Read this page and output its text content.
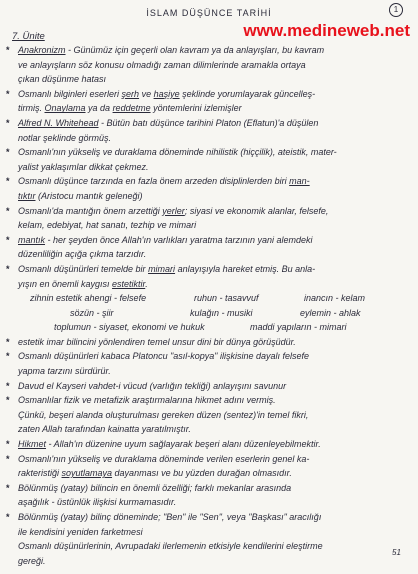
İSLAM DÜŞÜNCE TARİHİ	1
www.medineweb.net
7. Ünite
* Anakronizm - Günümüz için geçerli olan kavram ya da anlayışları, bu kavram
ve anlayışların söz konusu olmadığı zaman dilimlerinde aramakla ortaya
çıkan düşünme hatası
* Osmanlı bilginleri eserleri şerh ve haşiye şeklinde yorumlayarak güncelleş-
tirmiş. Onaylama ya da reddetme yöntemlerini izlemişler
* Alfred N. Whitehead - Bütün batı düşünce tarihini Platon (Eflatun)'a düşülen
notlar şeklinde görmüş.
* Osmanlı'nın yükseliş ve duraklama döneminde nihilistik (hiççilik), ateistik, mater-
yalist yaklaşımlar dikkat çekmez.
* Osmanlı düşünce tarzında en fazla önem arzeden disiplinlerden biri man-
tıktır (Aristocu mantık geleneği)
* Osmanlı'da mantığın önem arzettiği yerler; siyasi ve ekonomik alanlar, felsefe,
kelam, edebiyat, hat sanatı, tezhip ve mimari
* mantık - her şeyden önce Allah'ın varlıkları yaratma tarzının yani alemdeki
düzenliliğin açığa çıkma tarzıdır.
* Osmanlı düşünürleri temelde bir mimari anlayışıyla hareket etmiş. Bu anla-
yışın en önemli kaygısı estetiktir.
zihnin estetik ahengi - felsefe	ruhun - tasavvuf	inancın - kelam
sözün - şiir	kulağın - musiki	eylemin - ahlak
toplumun - siyaset, ekonomi ve hukuk	maddi yapıların - mimari
* estetik imar bilincini yönlendiren temel unsur dini bir dünya görüşüdür.
* Osmanlı düşünürleri kabaca Platoncu "asıl-kopya" ilişkisine dayalı felsefe
yapma tarzını sürdürür.
* Davud el Kayseri vahdet-i vücud (varlığın tekliği) anlayışını savunur
* Osmanlılar fizik ve metafizik araştırmalarına hikmet adını vermiş.
Çünkü, beşeri alanda oluşturulması gereken düzen (sentez)'in temel fikri,
zaten Allah tarafından kainatta yaratılmıştır.
* Hikmet - Allah'ın düzenine uyum sağlayarak beşeri alanı düzenleyebilmektir.
* Osmanlı'nın yükseliş ve duraklama döneminde verilen eserlerin genel ka-
rakteristiği soyutlamaya dayanması ve bu yüzden durağan olmasıdır.
* Bölünmüş (yatay) bilincin en önemli özelliği; farklı mekanlar arasında
aşağılık - üstünlük ilişkisi kurmamasıdır.
* Bölünmüş (yatay) bilinç döneminde; "Ben" ile "Sen", veya "Başkası" aracılığı
ile kendisini yeniden farketmesi
Osmanlı düşünürlerinin, Avrupadaki ilerlemenin etkisiyle kendilerini eleştirme
gereği.
51
